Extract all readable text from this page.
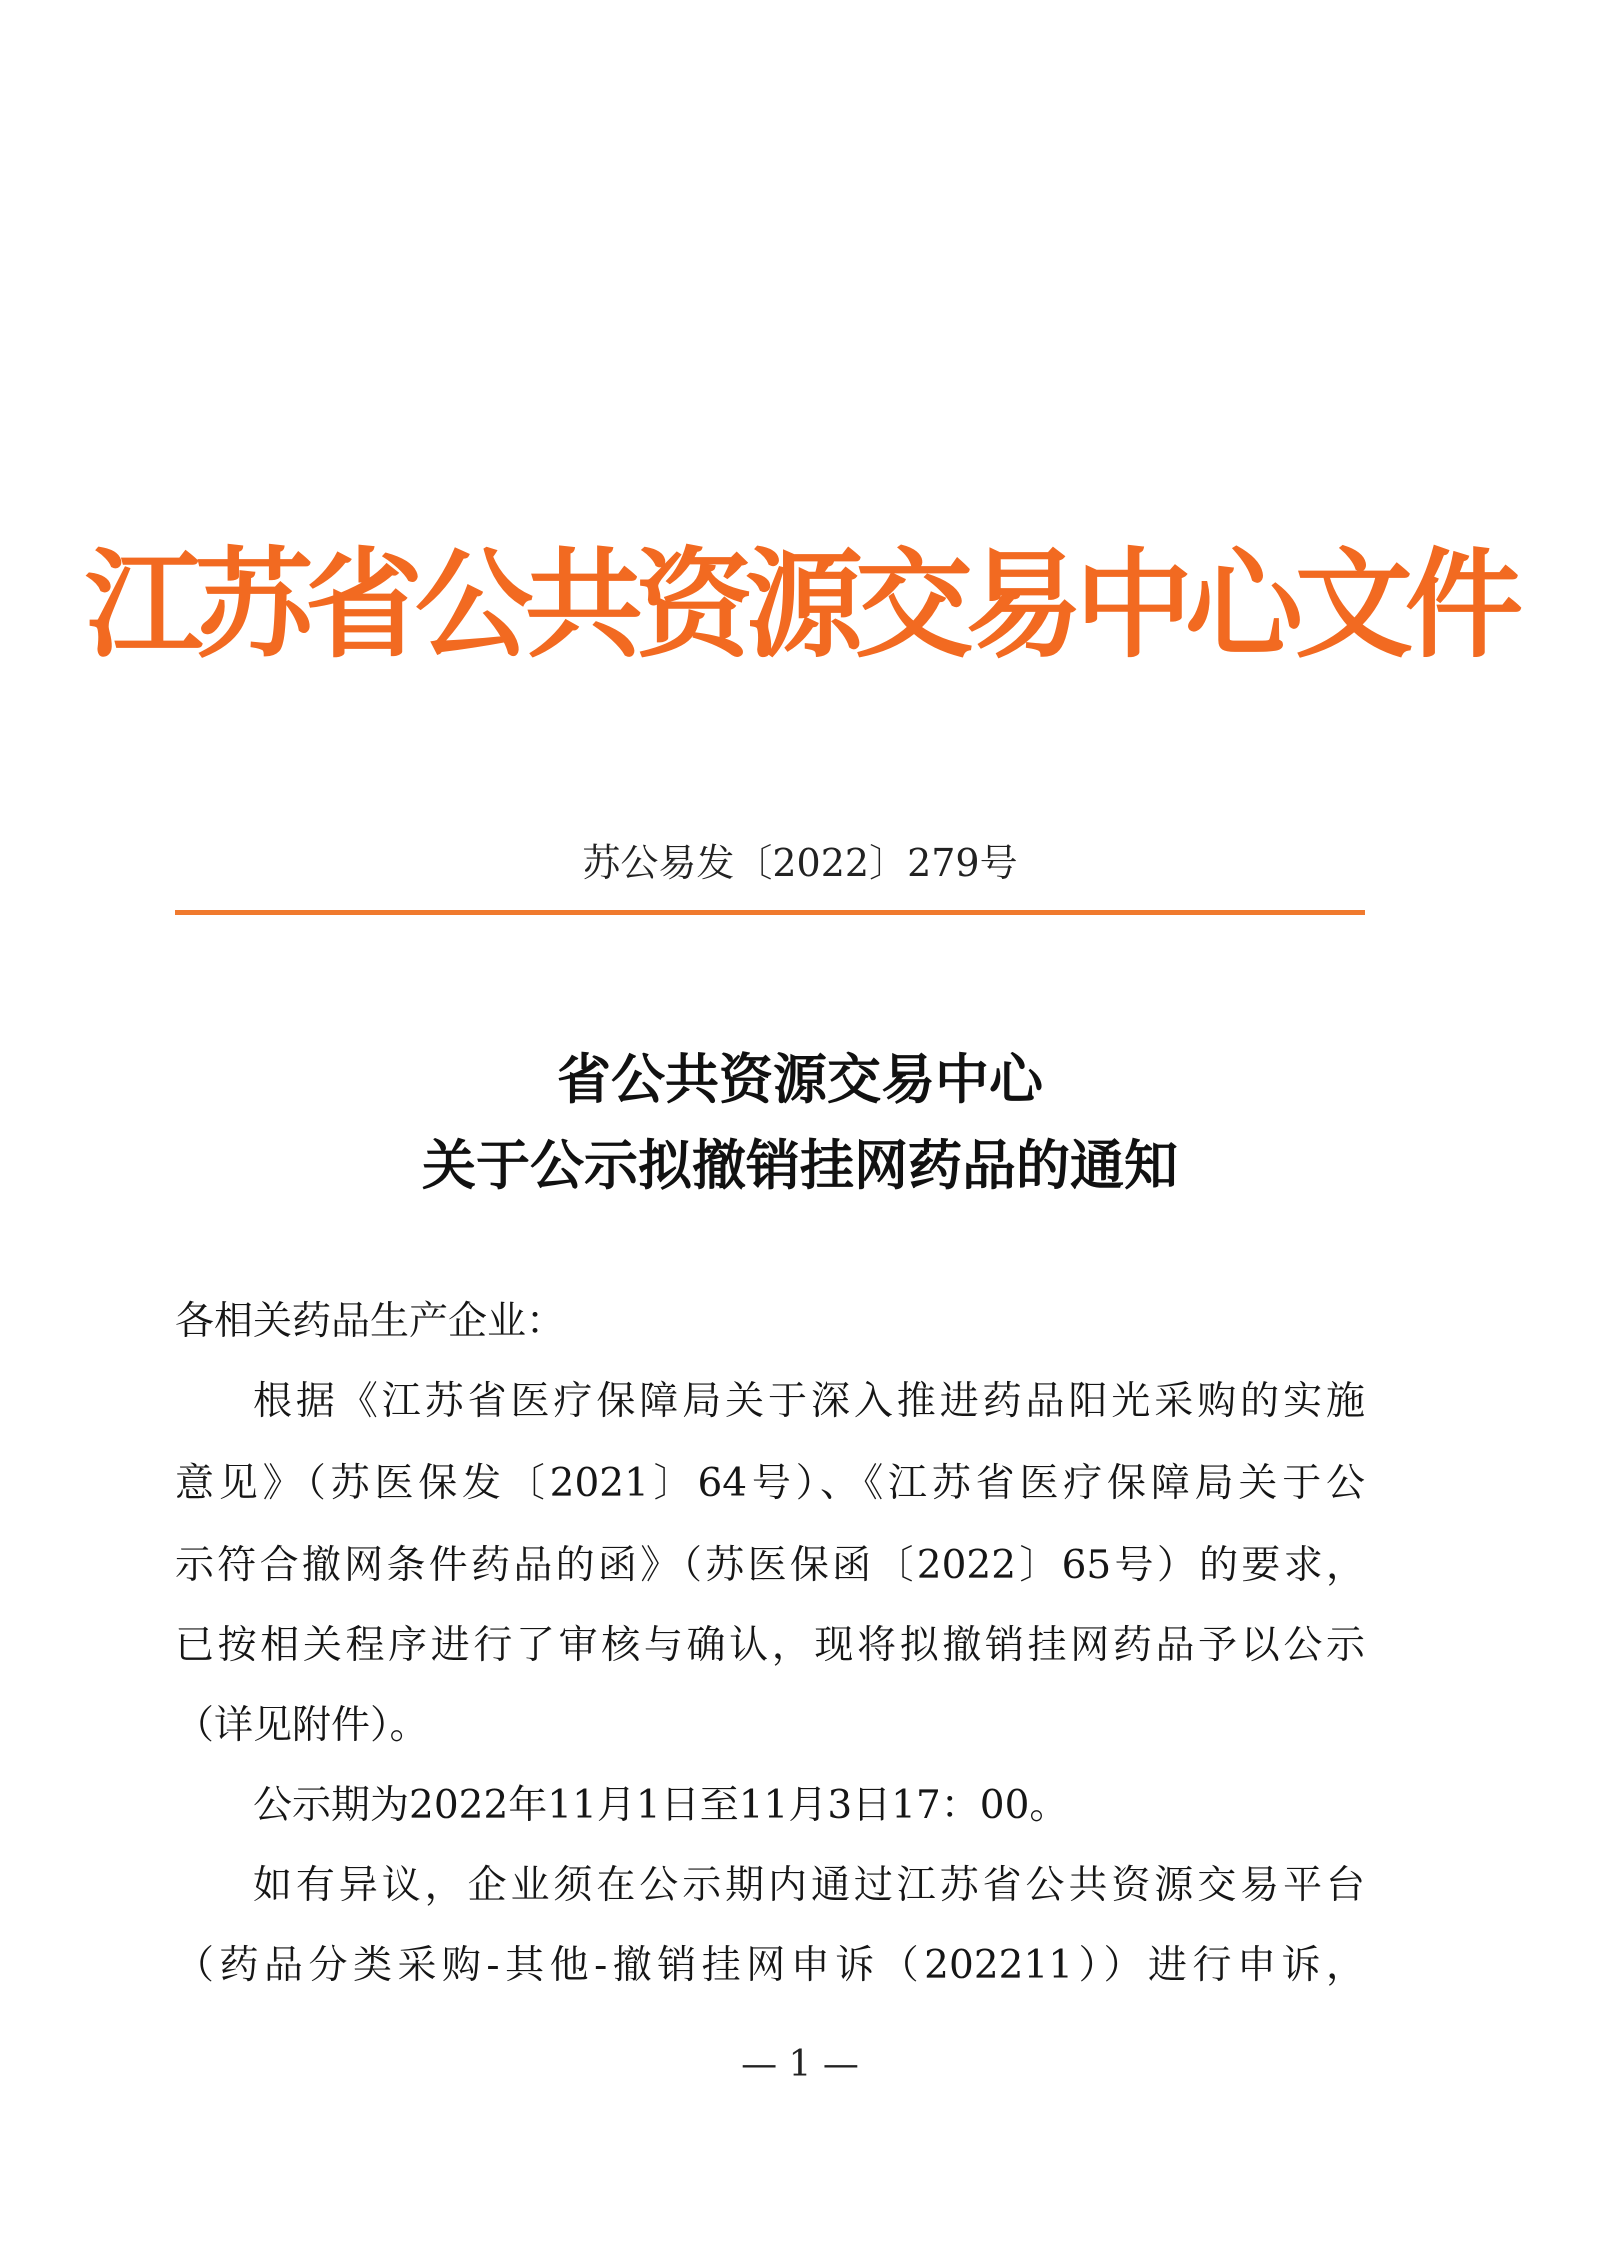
江苏省公共资源交易中心文件
苏公易发〔2022〕279号
省公共资源交易中心
关于公示拟撤销挂网药品的通知
各相关药品生产企业：
根据《江苏省医疗保障局关于深入推进药品阳光采购的实施
意见》（苏医保发〔2021〕64号）、《江苏省医疗保障局关于公
示符合撤网条件药品的函》（苏医保函〔2022〕65号）的要求，
已按相关程序进行了审核与确认，现将拟撤销挂网药品予以公示
（详见附件）。
公示期为2022年11月1日至11月3日17：00。
如有异议，企业须在公示期内通过江苏省公共资源交易平台
（药品分类采购-其他-撤销挂网申诉（202211））进行申诉，
— 1 —
